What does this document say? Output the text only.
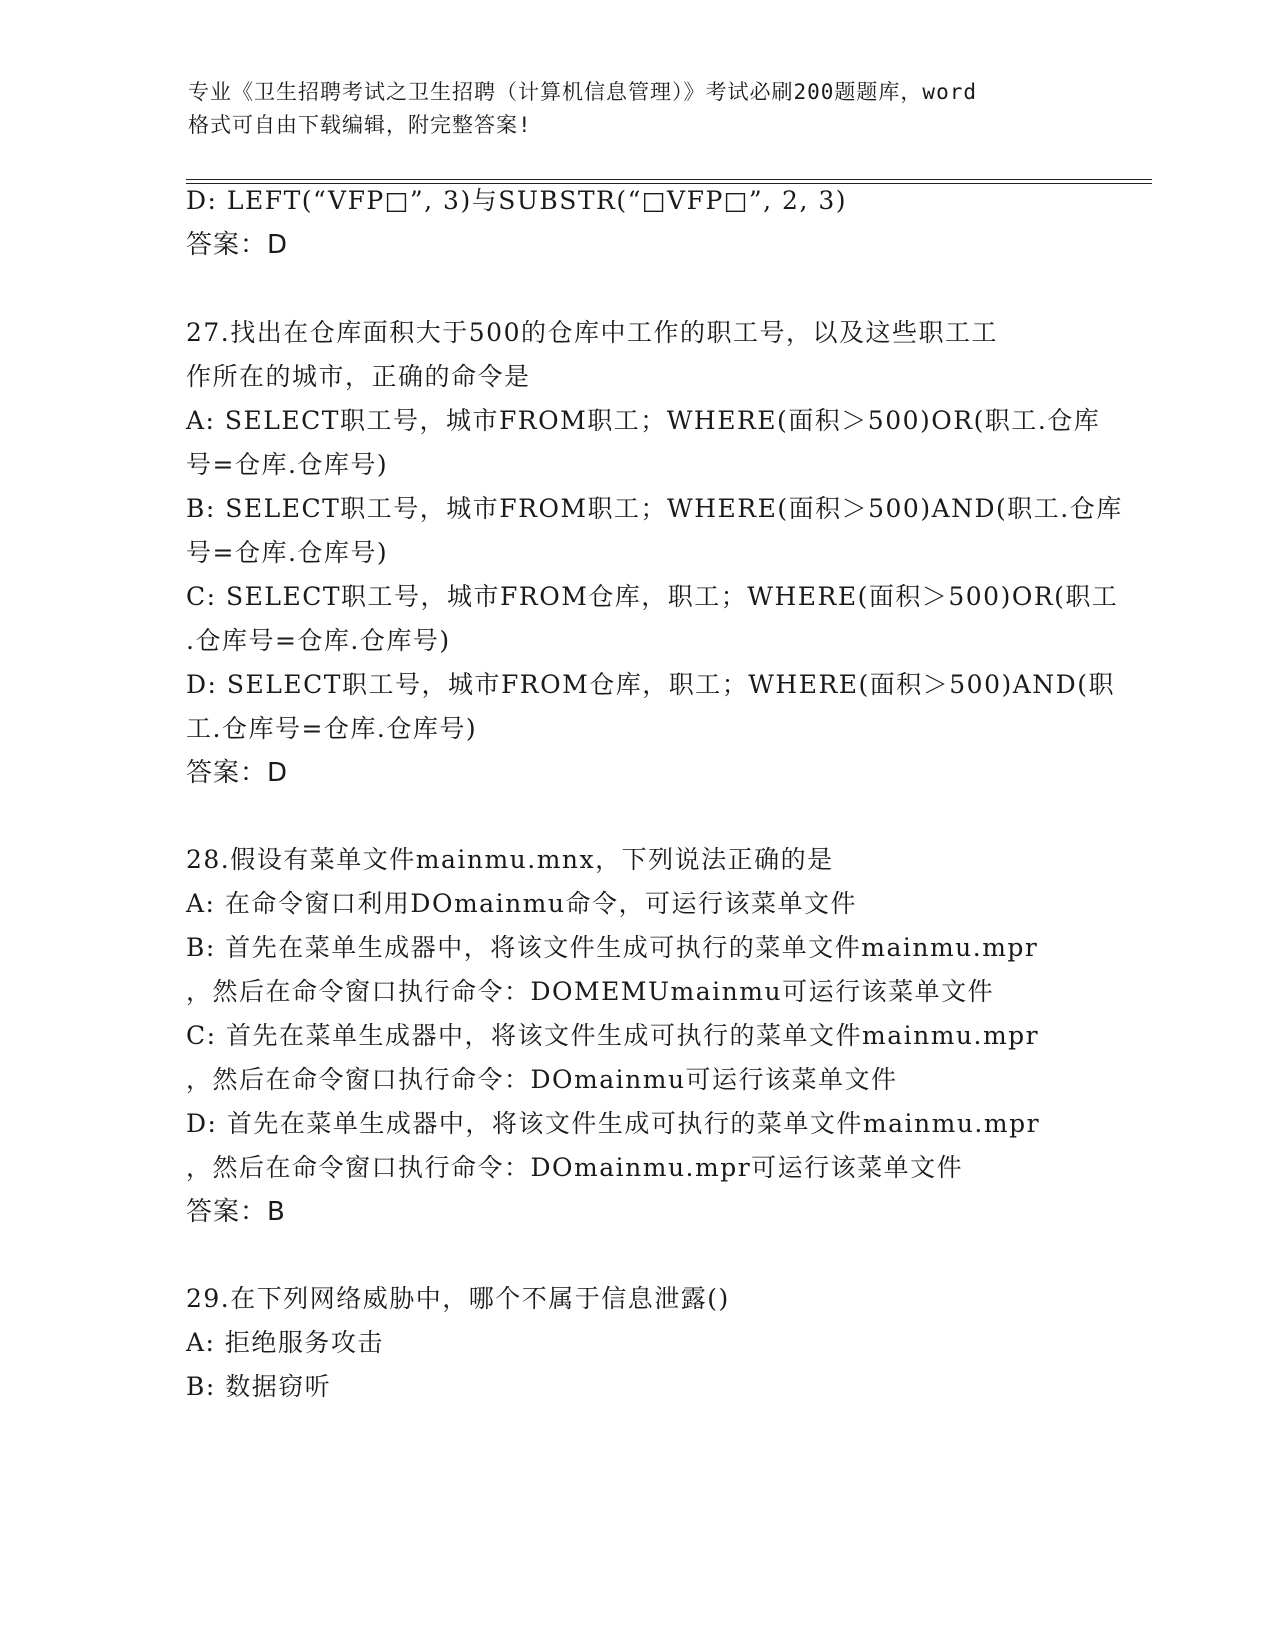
专业《卫生招聘考试之卫生招聘（计算机信息管理）》考试必刷200题题库，word
格式可自由下载编辑，附完整答案!
D: LEFT(“VFP□”, 3)与SUBSTR(“□VFP□”, 2, 3)
答案：D
27.找出在仓库面积大于500的仓库中工作的职工号，以及这些职工工
作所在的城市，正确的命令是
A: SELECT职工号，城市FROM职工；WHERE(面积＞500)OR(职工.仓库
号=仓库.仓库号)
B: SELECT职工号，城市FROM职工；WHERE(面积＞500)AND(职工.仓库
号=仓库.仓库号)
C: SELECT职工号，城市FROM仓库，职工；WHERE(面积＞500)OR(职工
.仓库号=仓库.仓库号)
D: SELECT职工号，城市FROM仓库，职工；WHERE(面积＞500)AND(职
工.仓库号=仓库.仓库号)
答案：D
28.假设有菜单文件mainmu.mnx，下列说法正确的是
A: 在命令窗口利用DOmainmu命令，可运行该菜单文件
B: 首先在菜单生成器中，将该文件生成可执行的菜单文件mainmu.mpr
，然后在命令窗口执行命令：DOMEMUmainmu可运行该菜单文件
C: 首先在菜单生成器中，将该文件生成可执行的菜单文件mainmu.mpr
，然后在命令窗口执行命令：DOmainmu可运行该菜单文件
D: 首先在菜单生成器中，将该文件生成可执行的菜单文件mainmu.mpr
，然后在命令窗口执行命令：DOmainmu.mpr可运行该菜单文件
答案：B
29.在下列网络威胁中，哪个不属于信息泄露()
A: 拒绝服务攻击
B: 数据窃听
